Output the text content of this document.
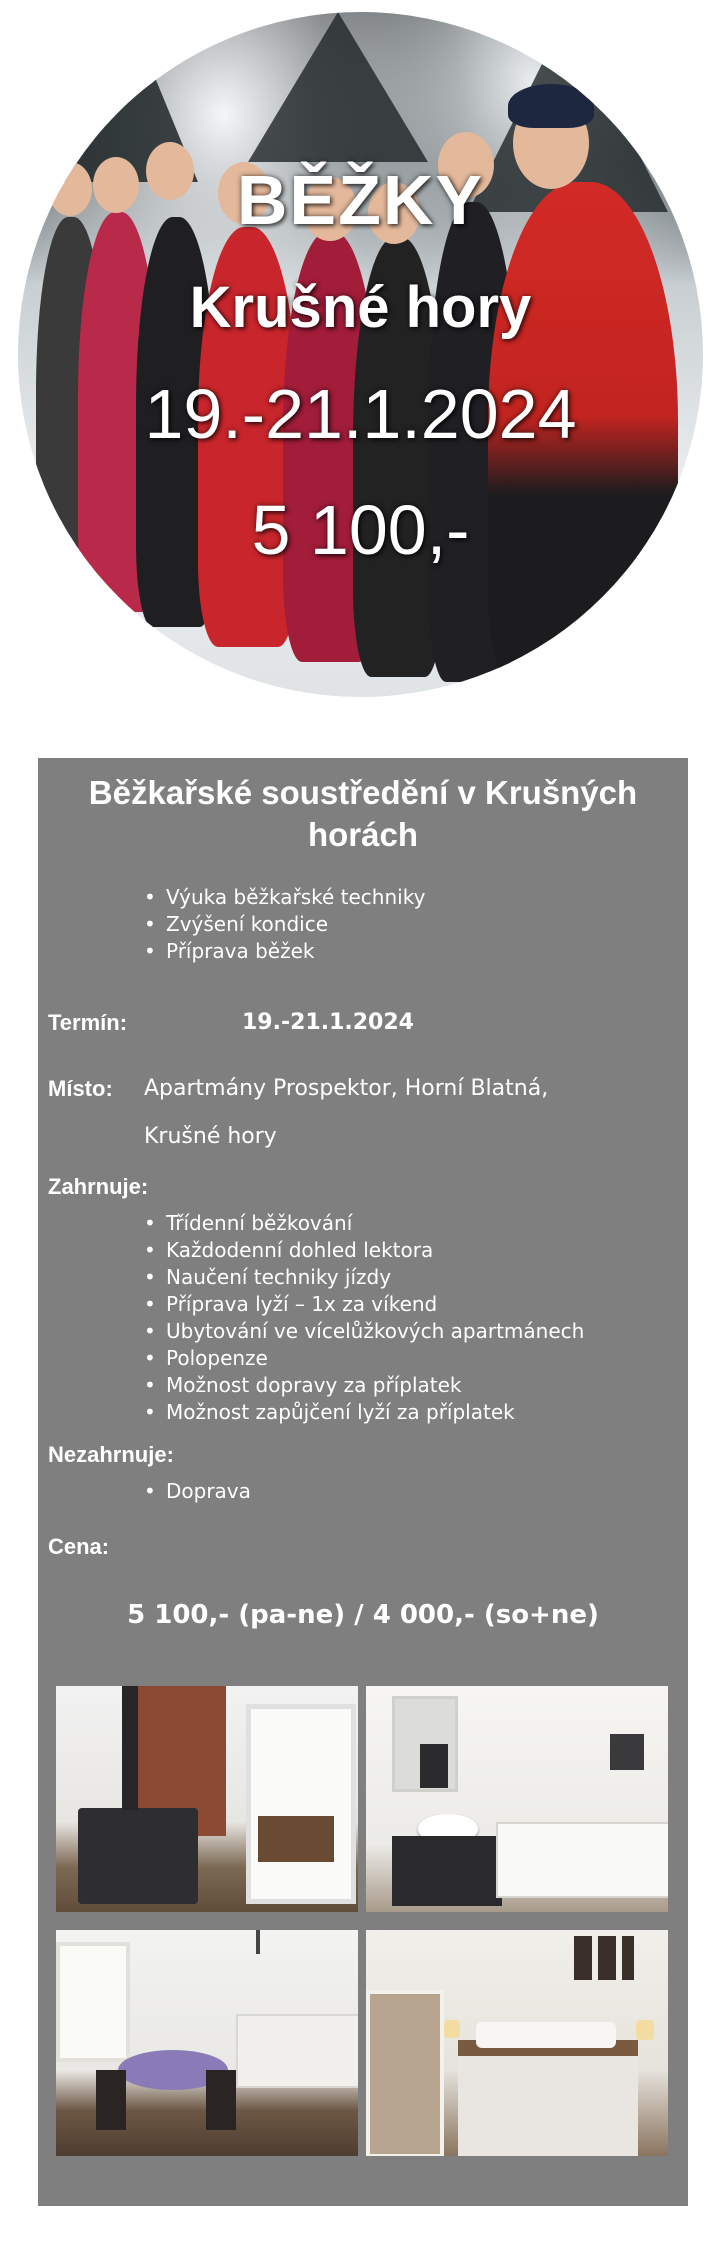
BĚŽKY
Krušné hory
19.-21.1.2024
5 100,-
Běžkařské soustředění v Krušných horách
• Výuka běžkařské techniky
• Zvýšení kondice
• Příprava běžek
Termín:	19.-21.1.2024
Místo: Apartmány Prospektor, Horní Blatná,
Krušné hory
Zahrnuje:
• Třídenní běžkování
• Každodenní dohled lektora
• Naučení techniky jízdy
• Příprava lyží – 1x za víkend
• Ubytování ve vícelůžkových apartmánech
• Polopenze
• Možnost dopravy za příplatek
• Možnost zapůjčení lyží za příplatek
Nezahrnuje:
• Doprava
Cena:
5 100,- (pa-ne) / 4 000,- (so+ne)
